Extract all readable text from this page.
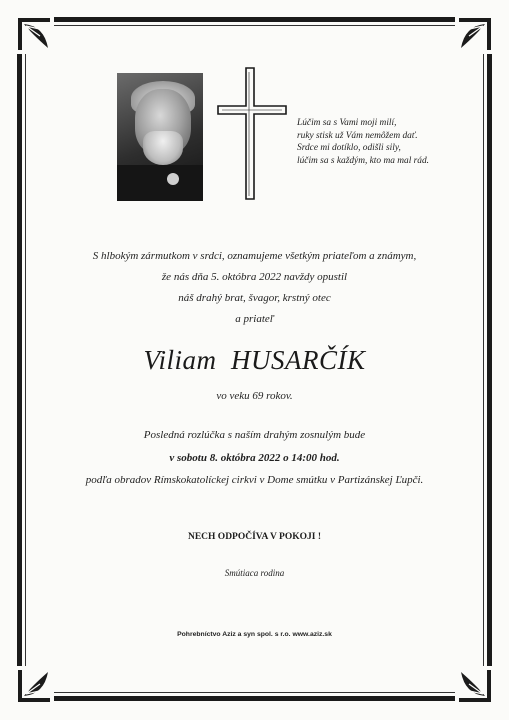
Lúčim sa s Vami moji milí,
ruky stisk už Vám nemôžem dať.
Srdce mi dotíklo, odišli sily,
lúčim sa s každým, kto ma mal rád.
S hlbokým zármutkom v srdci, oznamujeme všetkým priateľom a známym,
že nás dňa 5. októbra 2022 navždy opustil
náš drahý brat, švagor, krstný otec
a priateľ
Viliam HUSARČÍK
vo veku 69 rokov.
Posledná rozlúčka s naším drahým zosnulým bude
v sobotu 8. októbra 2022 o 14:00 hod.
podľa obradov Rímskokatolíckej cirkvi v Dome smútku v Partizánskej Ľupči.
NECH ODPOČÍVA V POKOJI !
Smútiaca rodina
Pohrebníctvo Aziz a syn spol. s r.o. www.aziz.sk
